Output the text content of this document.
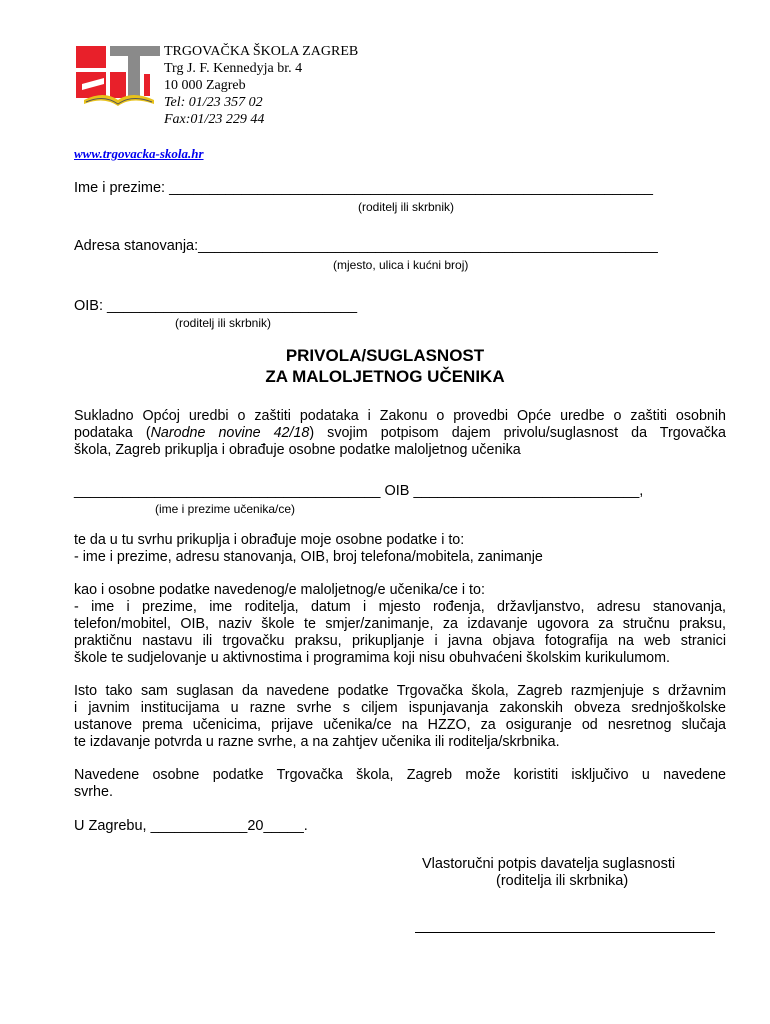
TRGOVAČKA ŠKOLA ZAGREB
Trg J. F. Kennedyja br. 4
10 000 Zagreb
Tel: 01/23 357 02
Fax:01/23 229 44
www.trgovacka-skola.hr
Ime i prezime: ____________________________________________________________
(roditelj ili skrbnik)
Adresa stanovanja:_________________________________________________________
(mjesto, ulica i kućni broj)
OIB: _______________________________
(roditelj ili skrbnik)
PRIVOLA/SUGLASNOST
ZA MALOLJETNOG UČENIKA
Sukladno Općoj uredbi o zaštiti podataka i Zakonu o provedbi Opće uredbe o zaštiti osobnih
podataka (Narodne novine 42/18) svojim potpisom dajem privolu/suglasnost da Trgovačka
škola, Zagreb prikuplja i obrađuje osobne podatke maloljetnog učenika
______________________________________ OIB ____________________________,
(ime i prezime učenika/ce)
te da u tu svrhu prikuplja i obrađuje moje osobne podatke i to:
- ime i prezime, adresu stanovanja, OIB, broj telefona/mobitela, zanimanje
kao i osobne podatke navedenog/e maloljetnog/e učenika/ce i to:
- ime i prezime, ime roditelja, datum i mjesto rođenja, državljanstvo, adresu stanovanja,
telefon/mobitel, OIB, naziv škole te smjer/zanimanje, za izdavanje ugovora za stručnu praksu,
praktičnu nastavu ili trgovačku praksu, prikupljanje i javna objava fotografija na web stranici
škole te sudjelovanje u aktivnostima i programima koji nisu obuhvaćeni školskim kurikulumom.
Isto tako sam suglasan da navedene podatke Trgovačka škola, Zagreb razmjenjuje s državnim
i javnim institucijama u razne svrhe s ciljem ispunjavanja zakonskih obveza srednjoškolske
ustanove prema učenicima, prijave učenika/ce na HZZO, za osiguranje od nesretnog slučaja
te izdavanje potvrda u razne svrhe, a na zahtjev učenika ili roditelja/skrbnika.
Navedene osobne podatke Trgovačka škola, Zagreb može koristiti isključivo u navedene
svrhe.
U Zagrebu, ____________20_____.
Vlastoručni potpis davatelja suglasnosti
(roditelja ili skrbnika)
